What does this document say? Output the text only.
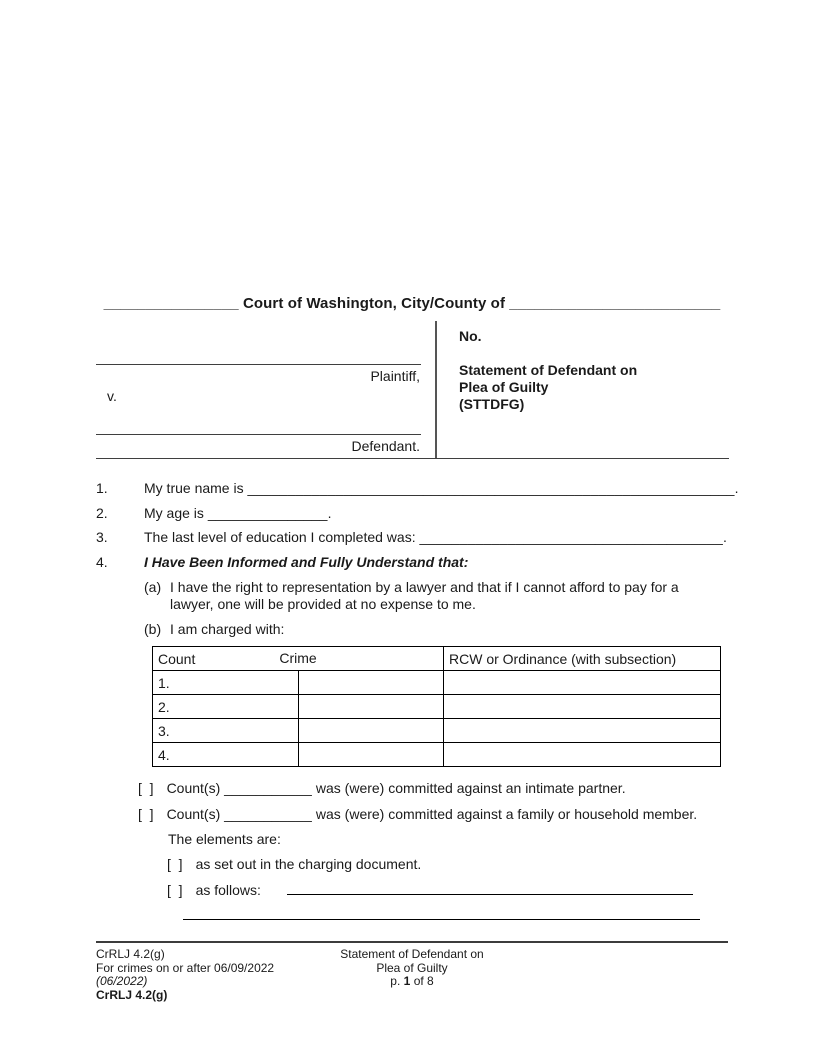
________________ Court of Washington, City/County of _________________________
Plaintiff,
v.
Defendant.
No.
Statement of Defendant on
Plea of Guilty
(STTDFG)
1.	My true name is _____________________________________________________________.
2.	My age is _______________.
3.	The last level of education I completed was: ______________________________________.
4.	I Have Been Informed and Fully Understand that:
(a) I have the right to representation by a lawyer and that if I cannot afford to pay for a lawyer, one will be provided at no expense to me.
(b) I am charged with:
Count Crime		RCW or Ordinance (with subsection)
1.		
2.		
3.		
4.		
[  ] Count(s) ___________ was (were) committed against an intimate partner.
[  ] Count(s) ___________ was (were) committed against a family or household member.
The elements are:
[  ] as set out in the charging document.
[  ] as follows:
CrRLJ 4.2(g)
For crimes on or after 06/09/2022
(06/2022)
CrRLJ 4.2(g)
Statement of Defendant on
Plea of Guilty
p. 1 of 8
